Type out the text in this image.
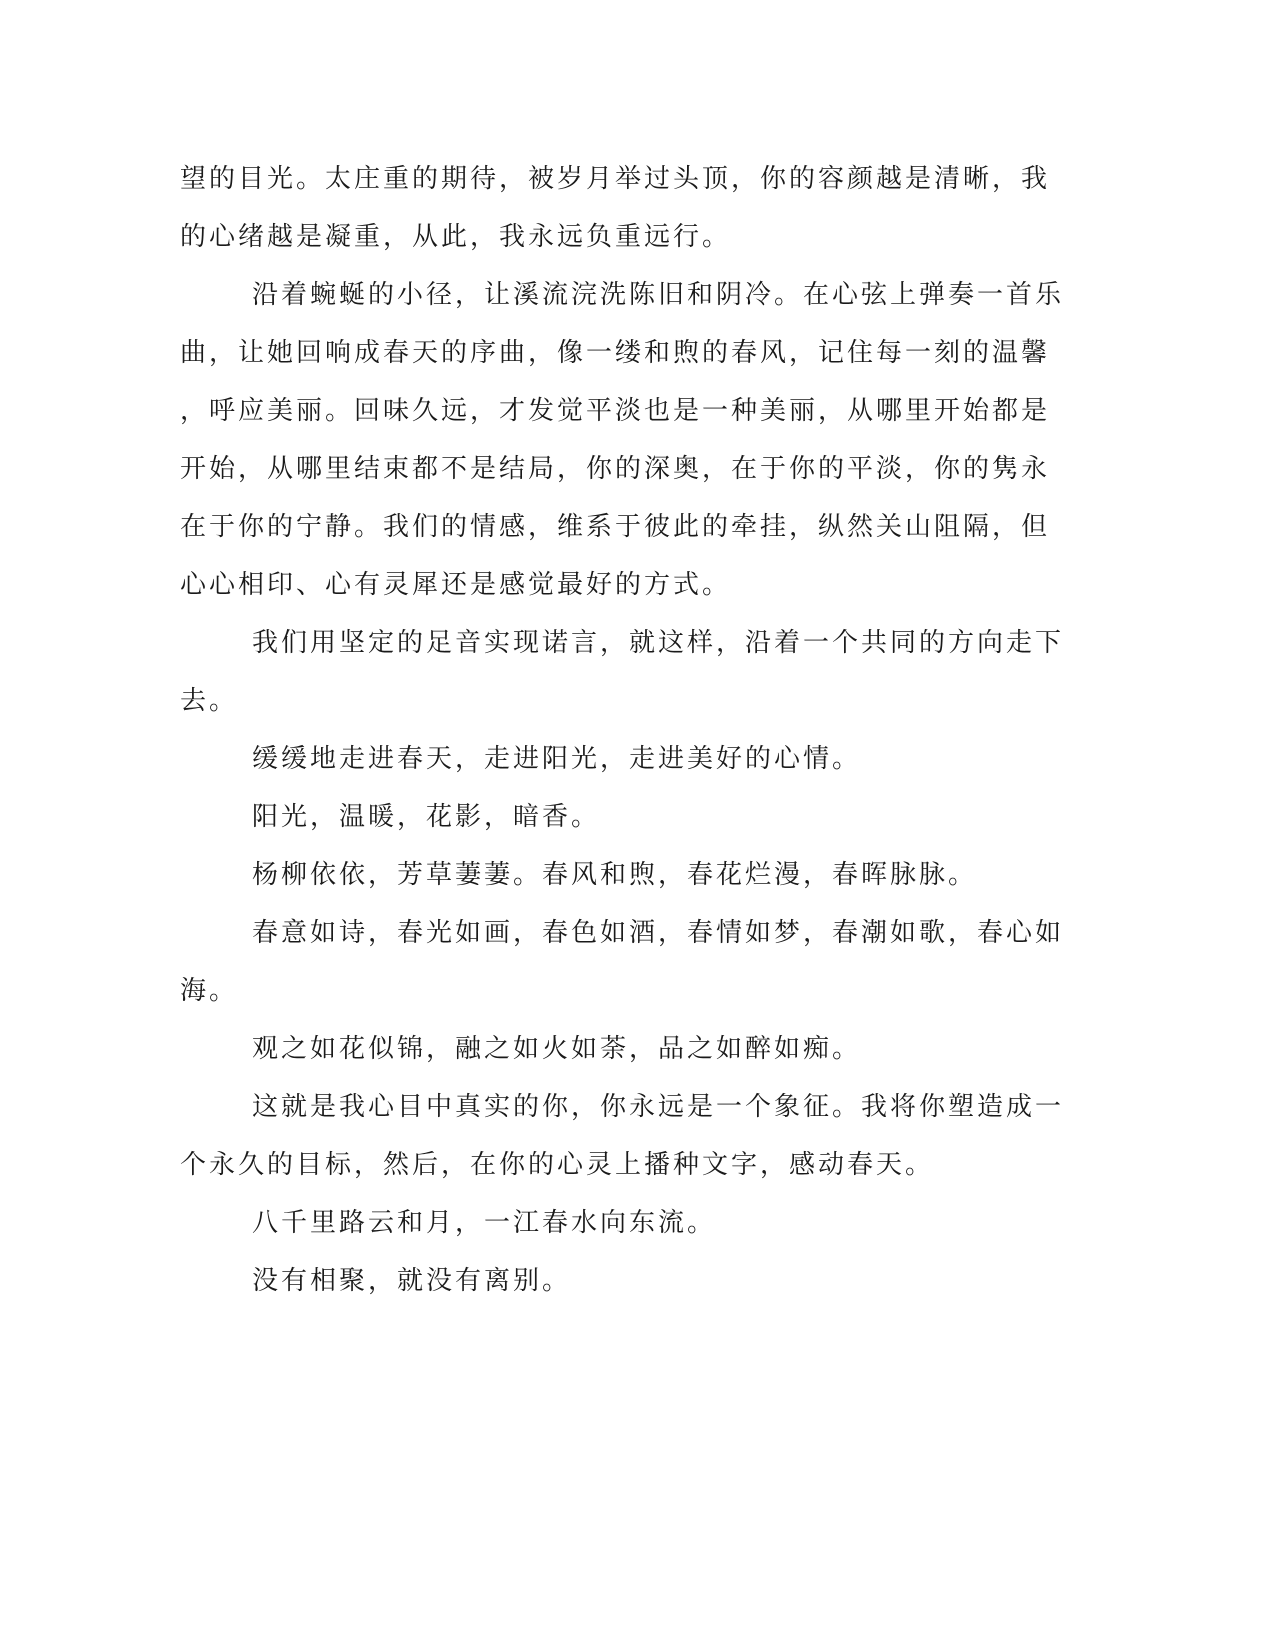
望的目光。太庄重的期待，被岁月举过头顶，你的容颜越是清晰，我
的心绪越是凝重，从此，我永远负重远行。
沿着蜿蜒的小径，让溪流浣洗陈旧和阴冷。在心弦上弹奏一首乐
曲，让她回响成春天的序曲，像一缕和煦的春风，记住每一刻的温馨
，呼应美丽。回味久远，才发觉平淡也是一种美丽，从哪里开始都是
开始，从哪里结束都不是结局，你的深奥，在于你的平淡，你的隽永
在于你的宁静。我们的情感，维系于彼此的牵挂，纵然关山阻隔，但
心心相印、心有灵犀还是感觉最好的方式。
我们用坚定的足音实现诺言，就这样，沿着一个共同的方向走下
去。
缓缓地走进春天，走进阳光，走进美好的心情。
阳光，温暖，花影，暗香。
杨柳依依，芳草萋萋。春风和煦，春花烂漫，春晖脉脉。
春意如诗，春光如画，春色如酒，春情如梦，春潮如歌，春心如
海。
观之如花似锦，融之如火如荼，品之如醉如痴。
这就是我心目中真实的你，你永远是一个象征。我将你塑造成一
个永久的目标，然后，在你的心灵上播种文字，感动春天。
八千里路云和月，一江春水向东流。
没有相聚，就没有离别。
